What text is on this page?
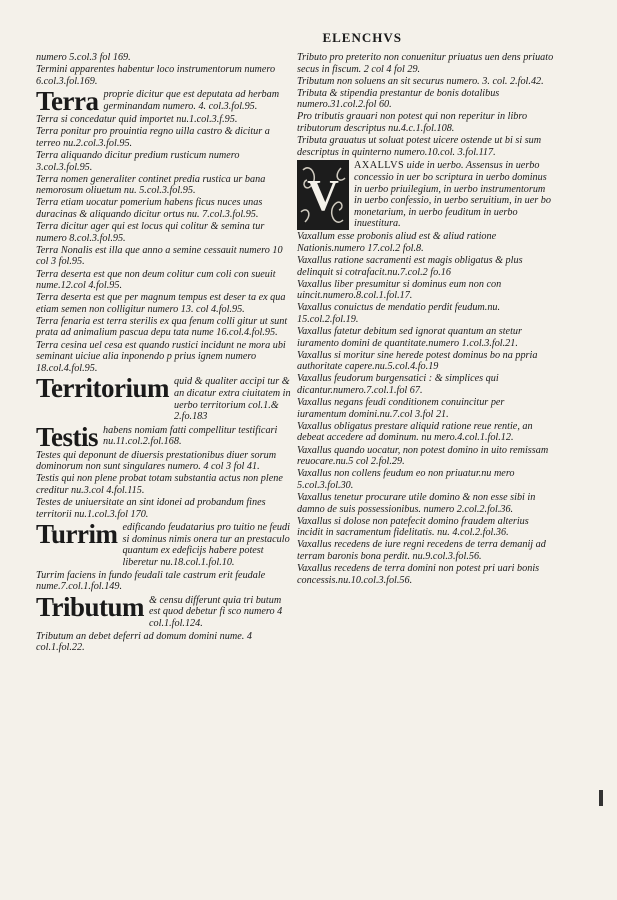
ELENCHVS
numero 5.col.3 fol 169.
Termini apparentes habentur loco instrumentorum numero 6.col.3.fol.169.
Terra proprie dicitur que est deputata ad herbam germinandam numero. 4. col.3.fol.95.
Terra si concedatur quid importet nu.1.col.3.f.95.
Terra ponitur pro prouintia regno uilla castro & dicitur a terreo nu.2.col.3.fol.95.
Terra aliquando dicitur predium rusticum numero 3.col.3.fol.95.
Terra nomen generaliter continet predia rustica ur bana nemorosum oliuetum nu. 5.col.3.fol.95.
Terra etiam uocatur pomerium habens ficus nuces unas duracinas & aliquando dicitur ortus nu. 7.col.3.fol.95.
Terra dicitur ager qui est locus qui colitur & semina tur numero 8.col.3.fol.95.
Terra Nonalis est illa que anno a semine cessauit numero 10 col 3 fol.95.
Terra deserta est que non deum colitur cum coli con sueuit nume.12.col 4.fol.95.
Terra deserta est que per magnum tempus est deser ta ex qua etiam semen non colligitur numero 13. col 4.fol.95.
Terra fenaria est terra sterilis ex qua fenum colli gitur ut sunt prata ad animalium pascua depu tata nume 16.col.4.fol.95.
Terra cesina uel cesa est quando rustici incidunt ne mora ubi seminant uiciue alia inponendo p prius ignem numero 18.col.4.fol.95.
Territorium quid & qualiter accipi tur & an dicatur extra ciuitatem in uerbo territorium col.1.& 2.fo.183
Testis habens nomiam fatti compellitur testificari nu.11.col.2.fol.168.
Testes qui deponunt de diuersis prestationibus diuer sorum dominorum non sunt singulares numero. 4 col 3 fol 41.
Testis qui non plene probat totam substantia actus non plene creditur nu.3.col 4.fol.115.
Testes de uniuersitate an sint idonei ad probandum fines territorii nu.1.col.3.fol 170.
Turrim edificando feudatarius pro tuitio ne feudi si dominus nimis onera tur an prestaculo quantum ex edeficijs habere potest liberetur nu.18.col.1.fol.10.
Turrim faciens in fundo feudali tale castrum erit feudale nume.7.col.1.fol.149.
Tributum & censu differunt quia tri butum est quod debetur fi sco numero 4 col.1.fol.124.
Tributum an debet deferri ad domum domini nume. 4 col.1.fol.22.
Tributo pro preterito non conuenitur priuatus uen dens priuato secus in fiscum. 2 col 4 fol 29.
Tributum non soluens an sit securus numero. 3. col. 2.fol.42.
Tributa & stipendia prestantur de bonis dotalibus numero.31.col.2.fol 60.
Pro tributis grauari non potest qui non reperitur in libro tributorum descriptus nu.4.c.1.fol.108.
Tributa grauatus ut soluat potest uicere ostende ut bi si sum descriptus in quinterno numero.10.col. 3.fol.117.
V
AXALLVS uide in uerbo. Assensus in uerbo concessio in uer bo scriptura in uerbo dominus in uerbo priuilegium, in uerbo instrumentorum in uerbo confessio, in uerbo seruitium, in uer bo monetarium, in uerbo feuditum in uerbo inuestitura.
Vaxallum esse probonis aliud est & aliud ratione Nationis.numero 17.col.2 fol.8.
Vaxallus ratione sacramenti est magis obligatus & plus delinquit si cotrafacit.nu.7.col.2 fo.16
Vaxallus liber presumitur si dominus eum non con uincit.numero.8.col.1.fol.17.
Vaxallus conuictus de mendatio perdit feudum.nu. 15.col.2.fol.19.
Vaxallus fatetur debitum sed ignorat quantum an stetur iuramento domini de quantitate.numero 1.col.3.fol.21.
Vaxallus si moritur sine herede potest dominus bo na ppria authoritate capere.nu.5.col.4.fo.19
Vaxallus feudorum burgensatici : & simplices qui dicantur.numero.7.col.1.fol 67.
Vaxallus negans feudi conditionem conuincitur per iuramentum domini.nu.7.col 3.fol 21.
Vaxallus obligatus prestare aliquid ratione reue rentie, an debeat accedere ad dominum. nu mero.4.col.1.fol.12.
Vaxallus quando uocatur, non potest domino in uito remissam reuocare.nu.5 col 2.fol.29.
Vaxallus non collens feudum eo non priuatur.nu mero 5.col.3.fol.30.
Vaxallus tenetur procurare utile domino & non esse sibi in damno de suis possessionibus. numero 2.col.2.fol.36.
Vaxallus si dolose non patefecit domino fraudem alterius incidit in sacramentum fidelitatis. nu. 4.col.2.fol.36.
Vaxallus recedens de iure regni recedens de terra demanij ad terram baronis bona perdit. nu.9.col.3.fol.56.
Vaxallus recedens de terra domini non potest pri uari bonis concessis.nu.10.col.3.fol.56.
